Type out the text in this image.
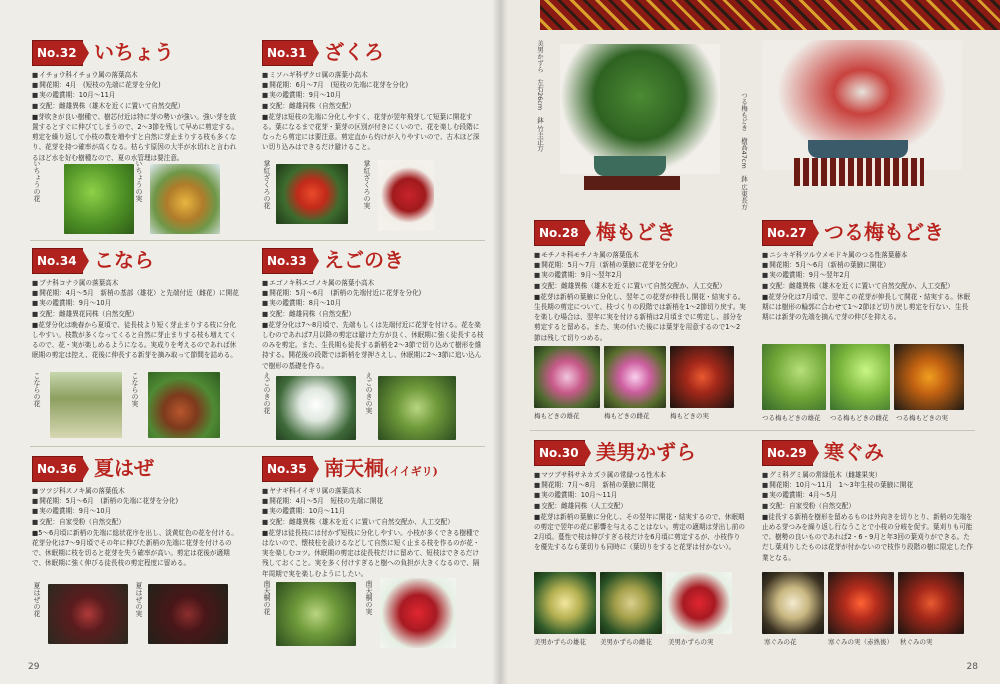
No.32 いちょう
■ イチョウ科イチョウ属の落葉高木
■ 開花期：4月　(短枝の先端に花芽を分化)
■ 実の鑑賞期：10月～11月
■ 交配：雌雄異株（雄木を近くに置いて自然交配）
■芽吹きが良い樹種で、樹芯付近は特に芽の勢いが強い。強い芽を放置するとすぐに伸びてしまうので、2～3節を残して早めに剪定する。剪定を繰り返して小枝の数を増やすと自然に芽止まりする枝も多くなり、花芽を持つ確率が高くなる。枯らす原因の大半が水切れと言われるほど水を好む樹種なので、夏の水管理は要注意。
いちょうの花	いちょうの実
No.31 ざくろ
■ ミソハギ科ザクロ属の落葉小高木
■ 開花期：6月～7月　(短枝の先端に花芽を分化)
■ 実の鑑賞期：9月～10月
■ 交配：雌雄同株（自然交配）
■花芽は短枝の先端に分化しやすく、花芽が翌年飛芽して短葉に開花する。葉になるまで花芽・葉芽の区別が付きにくいので、花を楽しむ段階になったら剪定には要注意。剪定直から灼けが入りやすいので、古木ほど深い切り込みはできるだけ避けること。
掌紅ざくろの花	掌紅ざくろの実
No.34 こなら
■ ブナ科コナラ属の落葉高木
■ 開花期：4月～5月　新梢の基部（雄花）と先端付近（雌花）に開花
■ 実の鑑賞期：9月～10月
■ 交配：雌雄異花同株（自然交配）
■花芽分化は晩春から夏頃で、徒長枝より短く芽止まりする枝に分化しやすい。枝数が多くなってくると自然に芽止まりする枝も増えてくるので、花・実が楽しめるようになる。実成りを考えるのであれば休眠期の剪定は控え、花後に伸長する新芽を摘み取って節間を詰める。
こならの花	こならの実
No.33 えごのき
■ エゴノキ科エゴノキ属の落葉小高木
■ 開花期：5月～6月　(新梢の先端付近に花芽を分化)
■ 実の鑑賞期：8月～10月
■ 交配：雌雄同株（自然交配）
■花芽分化は7～8月頃で、先端もしくは先端付近に花芽を付ける。花を楽しむのであれば7月以降の剪定は避けた方が良く、休眠期に強く徒長する枝のみを剪定。また、生長期も徒長する新梢を2～3節で切り込めて樹形を維持する。開花後の段階では新梢を芽押さえし、休眠期に2～3節に追い込んで樹形の基礎を作る。
えごのきの花	えごのきの実
No.36 夏はぜ
■ ツツジ科スノキ属の落葉低木
■ 開花期：5月～6月　(新梢の先端に花芽を分化)
■ 実の鑑賞期：9月～10月
■ 交配：自家受粉（自然交配）
■5～6月頃に新梢の先端に総状花序を出し、淡黄紅色の花を付ける。花芽分化は7～9月頃でその年に伸びた新梢の先端に花芽を付けるので、休眠期に枝を切ると花芽を失う確率が高い。剪定は花後が適期で、休眠期に強く伸びる徒長枝の剪定程度に留める。
夏はぜの花	夏はぜの実
No.35 南天桐(イイギリ)
■ ヤナギ科イイギリ属の落葉高木
■ 開花期：4月～5月　短枝の先端に開花
■ 実の鑑賞期：10月～11月
■ 交配：雌雄異株（雄木を近くに置いて自然交配か、人工交配）
■花芽は徒長枝には付かず短枝に分化しやすい。小枝が多くできる樹種ではないので、懐枝柱を設けるなどして自然に短く止まる枝を作るのが花・実を楽しむコツ。休眠期の剪定は徒長枝だけに留めて、短枝はできるだけ残しておくこと。実を多く付けすぎると樹への負担が大きくなるので、隔年周期で実を楽しむようにしたい。
南天桐の花	南天桐の実
29
美男かずら　左右26cm　鉢 竹圭正方	つる梅もどき　樹高47cm　鉢 広東長方
No.28 梅もどき
■ モチノキ科モチノキ属の落葉低木
■ 開花期：5月～7月（新梢の葉腋に花芽を分化）
■ 実の鑑賞期：9月～翌年2月
■ 交配：雌雄異株（雄木を近くに置いて自然交配か、人工交配）
■花芽は新梢の葉腋に分化し、翌年この花芽が伸長し開花・結実する。生長期の剪定について、枝づくりの段階では新梢を1～2節切り戻す。実を楽しむ場合は、翌年に実を付ける新梢は2月頃までに剪定し、部分を剪定すると留める。また、実の付いた後には葉芽を用意するので1～2節は残して切りつめる。
梅もどきの雄花	梅もどきの雌花	梅もどきの実
No.27 つる梅もどき
■ ニシキギ科ツルウメモドキ属のつる性落葉藤本
■ 開花期：5月～6月（新梢の葉腋に開花）
■ 実の鑑賞期：9月～翌年2月
■ 交配：雌雄異株（雄木を近くに置いて自然交配か、人工交配）
■花芽分化は7月頃で、翌年この花芽が伸長して開花・結実する。休眠期には樹形の輪郭に合わせて1～2節ほど切り戻し剪定を行ない、生長期には新芽の先端を摘んで芽の伸びを抑える。
つる梅もどきの雄花	つる梅もどきの雌花	つる梅もどきの実
No.30 美男かずら
■ マツブサ科サネカズラ属の常緑つる性木本
■ 開花期：7月～8月　新梢の葉腋に開花
■ 実の鑑賞期：10月～11月
■ 交配：雌雄同株（人工交配）
■花芽は新梢の葉腋に分化し、その翌年に開花・結実するので、休眠期の剪定で翌年の花に影響を与えることはない。剪定の適期は芽出し前の2月頃。蔓性で枝は伸びすぎる枝だけを6月頃に剪定するが、小枝作りを優先するなら葉切りも同時に（葉切りをすると花芽は付かない）。
美男かずらの雄花	美男かずらの雌花	美男かずらの実
No.29 寒ぐみ
■ グミ科グミ属の常緑低木（雌雄果実）
■ 開花期：10月～11月　1～3年生枝の葉腋に開花
■ 実の鑑賞期：4月～5月
■ 交配：自家受粉（自然交配）
■徒長する新梢を樹形を留めるものは外向きを切りとり、新梢の先端を止める芽つみを繰り返し行なうことで小枝の分岐を促す。葉刈りも可能で、樹勢の良いものであれば2・6・9月と年3回の葉刈りができる。ただし葉刈りしたものは花芽が付かないので枝作り段階の樹に限定した作業となる。
寒ぐみの花	寒ぐみの実（赤熟後）	秋ぐみの実
28
